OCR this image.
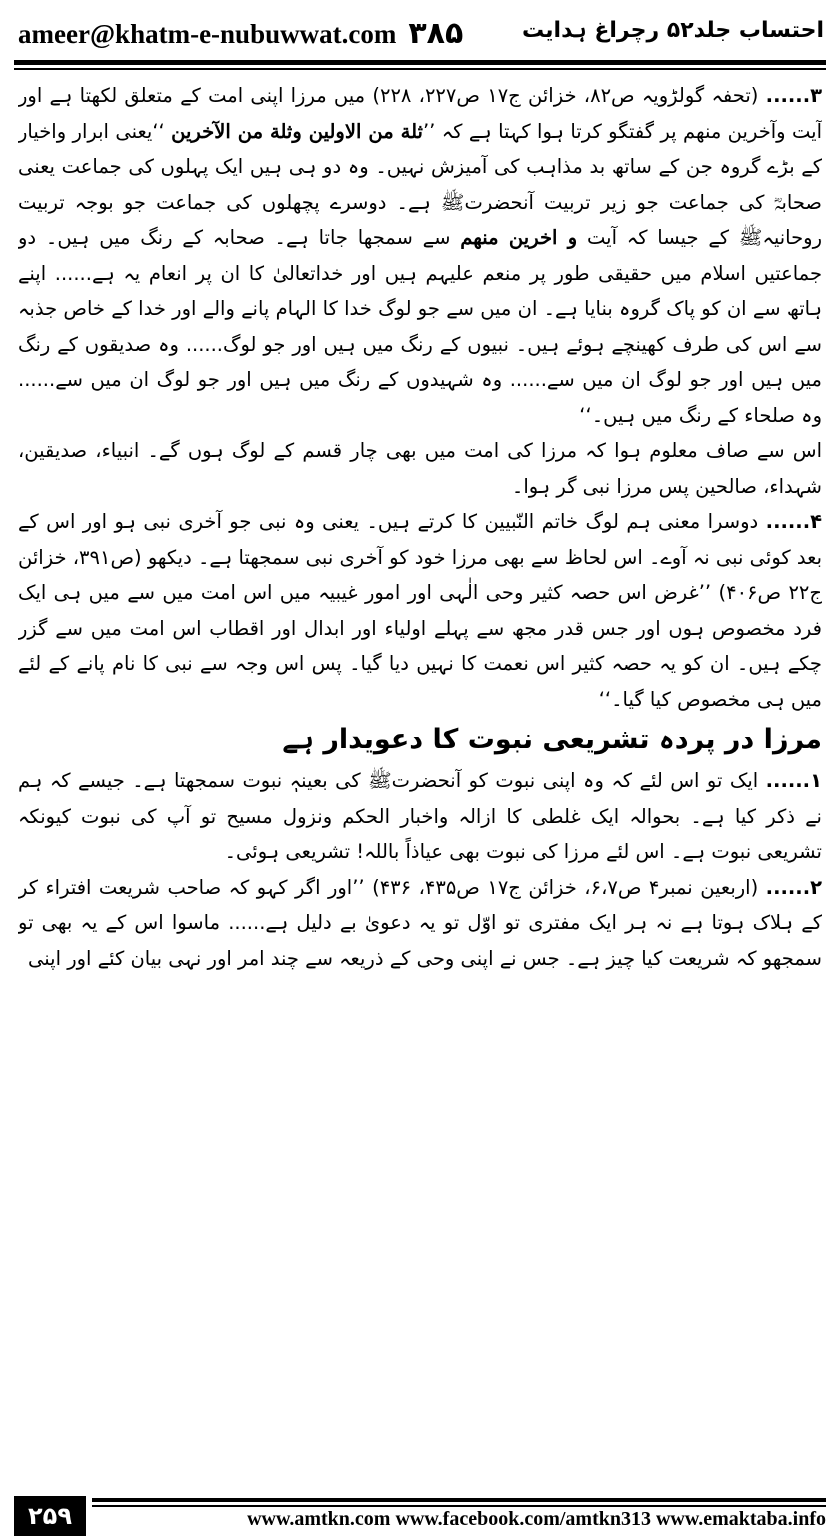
ameer@khatm-e-nubuwwat.com ۳۸۵	احتساب جلد۵۲ رچراغ ہدایت

۳...... (تحفہ گولڑویہ ص۸۲، خزائن ج۱۷ ص۲۲۷، ۲۲۸) میں مرزا اپنی امت کے متعلق لکھتا ہے اور آیت وآخرین منھم پر گفتگو کرتا ہوا کہتا ہے کہ ’’ثلة من الاولین وثلة من الآخرین ‘‘یعنی ابرار واخیار کے بڑے گروہ جن کے ساتھ بد مذاہب کی آمیزش نہیں۔ وہ دو ہی ہیں ایک پہلوں کی جماعت یعنی صحابہؓ کی جماعت جو زیر تربیت آنحضرتﷺ ہے۔ دوسرے پچھلوں کی جماعت جو بوجہ تربیت روحانیہﷺ کے جیسا کہ آیت و اخرین منھم سے سمجھا جاتا ہے۔ صحابہ کے رنگ میں ہیں۔ دو جماعتیں اسلام میں حقیقی طور پر منعم علیہم ہیں اور خداتعالیٰ کا ان پر انعام یہ ہے...... اپنے ہاتھ سے ان کو پاک گروہ بنایا ہے۔ ان میں سے جو لوگ خدا کا الہام پانے والے اور خدا کے خاص جذبہ سے اس کی طرف کھینچے ہوئے ہیں۔ نبیوں کے رنگ میں ہیں اور جو لوگ...... وہ صدیقوں کے رنگ میں ہیں اور جو لوگ ان میں سے...... وہ شہیدوں کے رنگ میں ہیں اور جو لوگ ان میں سے...... وہ صلحاء کے رنگ میں ہیں۔‘‘

اس سے صاف معلوم ہوا کہ مرزا کی امت میں بھی چار قسم کے لوگ ہوں گے۔ انبیاء، صدیقین، شہداء، صالحین پس مرزا نبی گر ہوا۔

۴...... دوسرا معنی ہم لوگ خاتم النّبیین کا کرتے ہیں۔ یعنی وہ نبی جو آخری نبی ہو اور اس کے بعد کوئی نبی نہ آوے۔ اس لحاظ سے بھی مرزا خود کو آخری نبی سمجھتا ہے۔ دیکھو (ص۳۹۱، خزائن ج۲۲ ص۴۰۶) ’’غرض اس حصہ کثیر وحی الٰہی اور امور غیبیہ میں اس امت میں سے میں ہی ایک فرد مخصوص ہوں اور جس قدر مجھ سے پہلے اولیاء اور ابدال اور اقطاب اس امت میں سے گزر چکے ہیں۔ ان کو یہ حصہ کثیر اس نعمت کا نہیں دیا گیا۔ پس اس وجہ سے نبی کا نام پانے کے لئے میں ہی مخصوص کیا گیا۔‘‘

مرزا در پردہ تشریعی نبوت کا دعویدار ہے

۱...... ایک تو اس لئے کہ وہ اپنی نبوت کو آنحضرتﷺ کی بعینہٖ نبوت سمجھتا ہے۔ جیسے کہ ہم نے ذکر کیا ہے۔ بحوالہ ایک غلطی کا ازالہ واخبار الحکم ونزول مسیح تو آپ کی نبوت کیونکہ تشریعی نبوت ہے۔ اس لئے مرزا کی نبوت بھی عیاذاً باللہ! تشریعی ہوئی۔

۲...... (اربعین نمبر۴ ص۶،۷، خزائن ج۱۷ ص۴۳۵، ۴۳۶) ’’اور اگر کہو کہ صاحب شریعت افتراء کر کے ہلاک ہوتا ہے نہ ہر ایک مفتری تو اوّل تو یہ دعویٰ بے دلیل ہے...... ماسوا اس کے یہ بھی تو سمجھو کہ شریعت کیا چیز ہے۔ جس نے اپنی وحی کے ذریعہ سے چند امر اور نہی بیان کئے اور اپنی

۲۵۹	www.amtkn.com www.facebook.com/amtkn313 www.emaktaba.info
